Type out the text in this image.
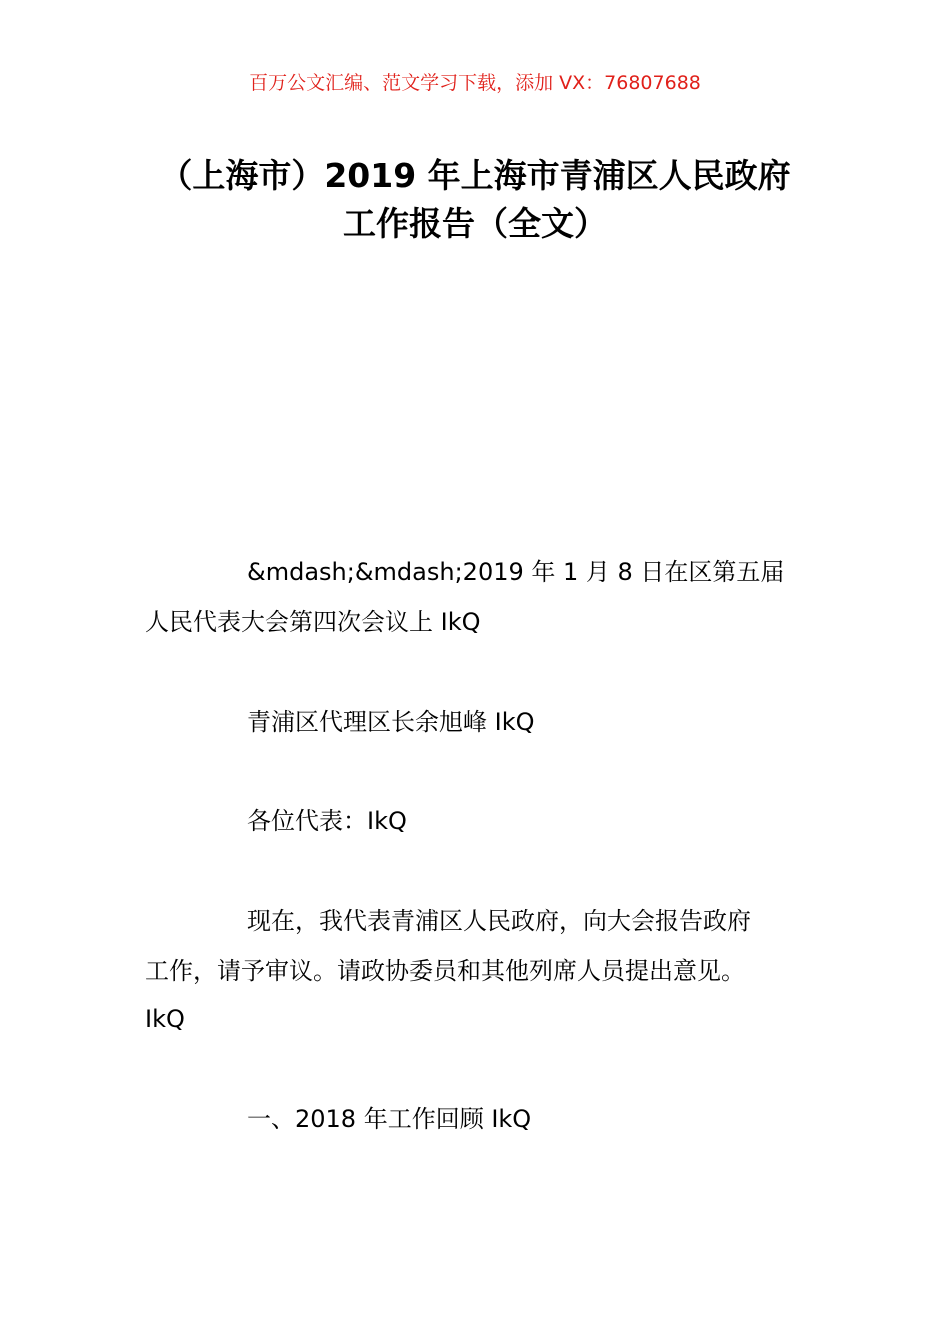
百万公文汇编、范文学习下载，添加 VX：76807688
（上海市）2019 年上海市青浦区人民政府
工作报告（全文）
&mdash;&mdash;2019 年 1 月 8 日在区第五届
人民代表大会第四次会议上 IkQ
青浦区代理区长余旭峰 IkQ
各位代表：IkQ
现在，我代表青浦区人民政府，向大会报告政府
工作，请予审议。请政协委员和其他列席人员提出意见。
IkQ
一、2018 年工作回顾 IkQ
